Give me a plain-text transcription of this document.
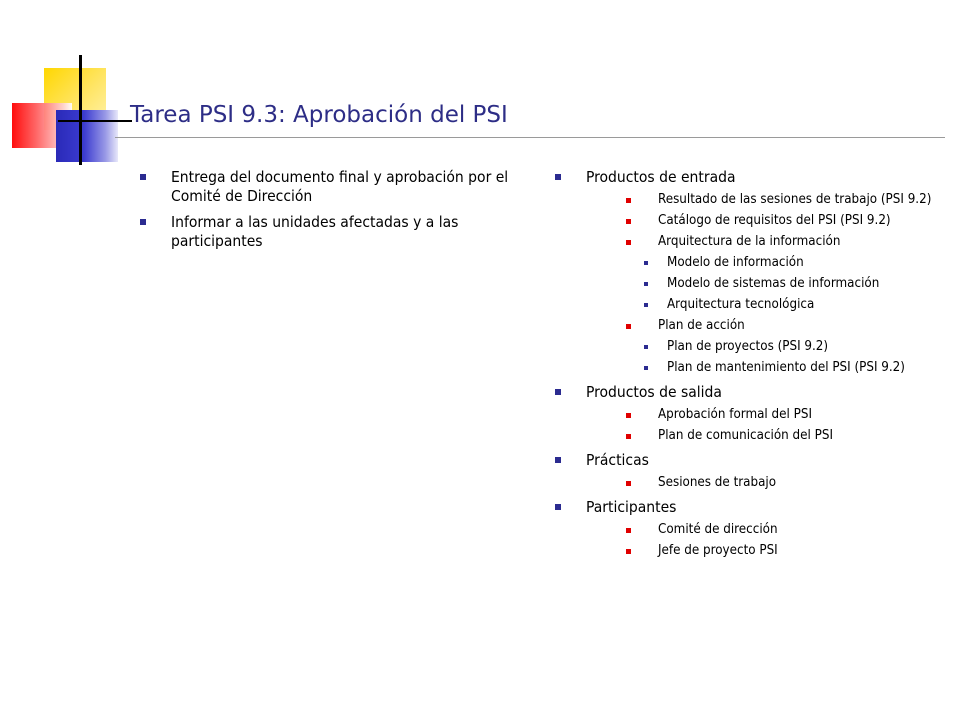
Tarea PSI 9.3: Aprobación del PSI
Entrega del documento final y aprobación por el Comité de Dirección
Informar a las unidades afectadas y a las participantes
Productos de entrada
Resultado de las sesiones de trabajo (PSI 9.2)
Catálogo de requisitos del PSI (PSI 9.2)
Arquitectura de la información
Modelo de información
Modelo de sistemas de información
Arquitectura tecnológica
Plan de acción
Plan de proyectos (PSI 9.2)
Plan de mantenimiento del PSI (PSI 9.2)
Productos de salida
Aprobación formal del PSI
Plan de comunicación del PSI
Prácticas
Sesiones de trabajo
Participantes
Comité de dirección
Jefe de proyecto PSI
